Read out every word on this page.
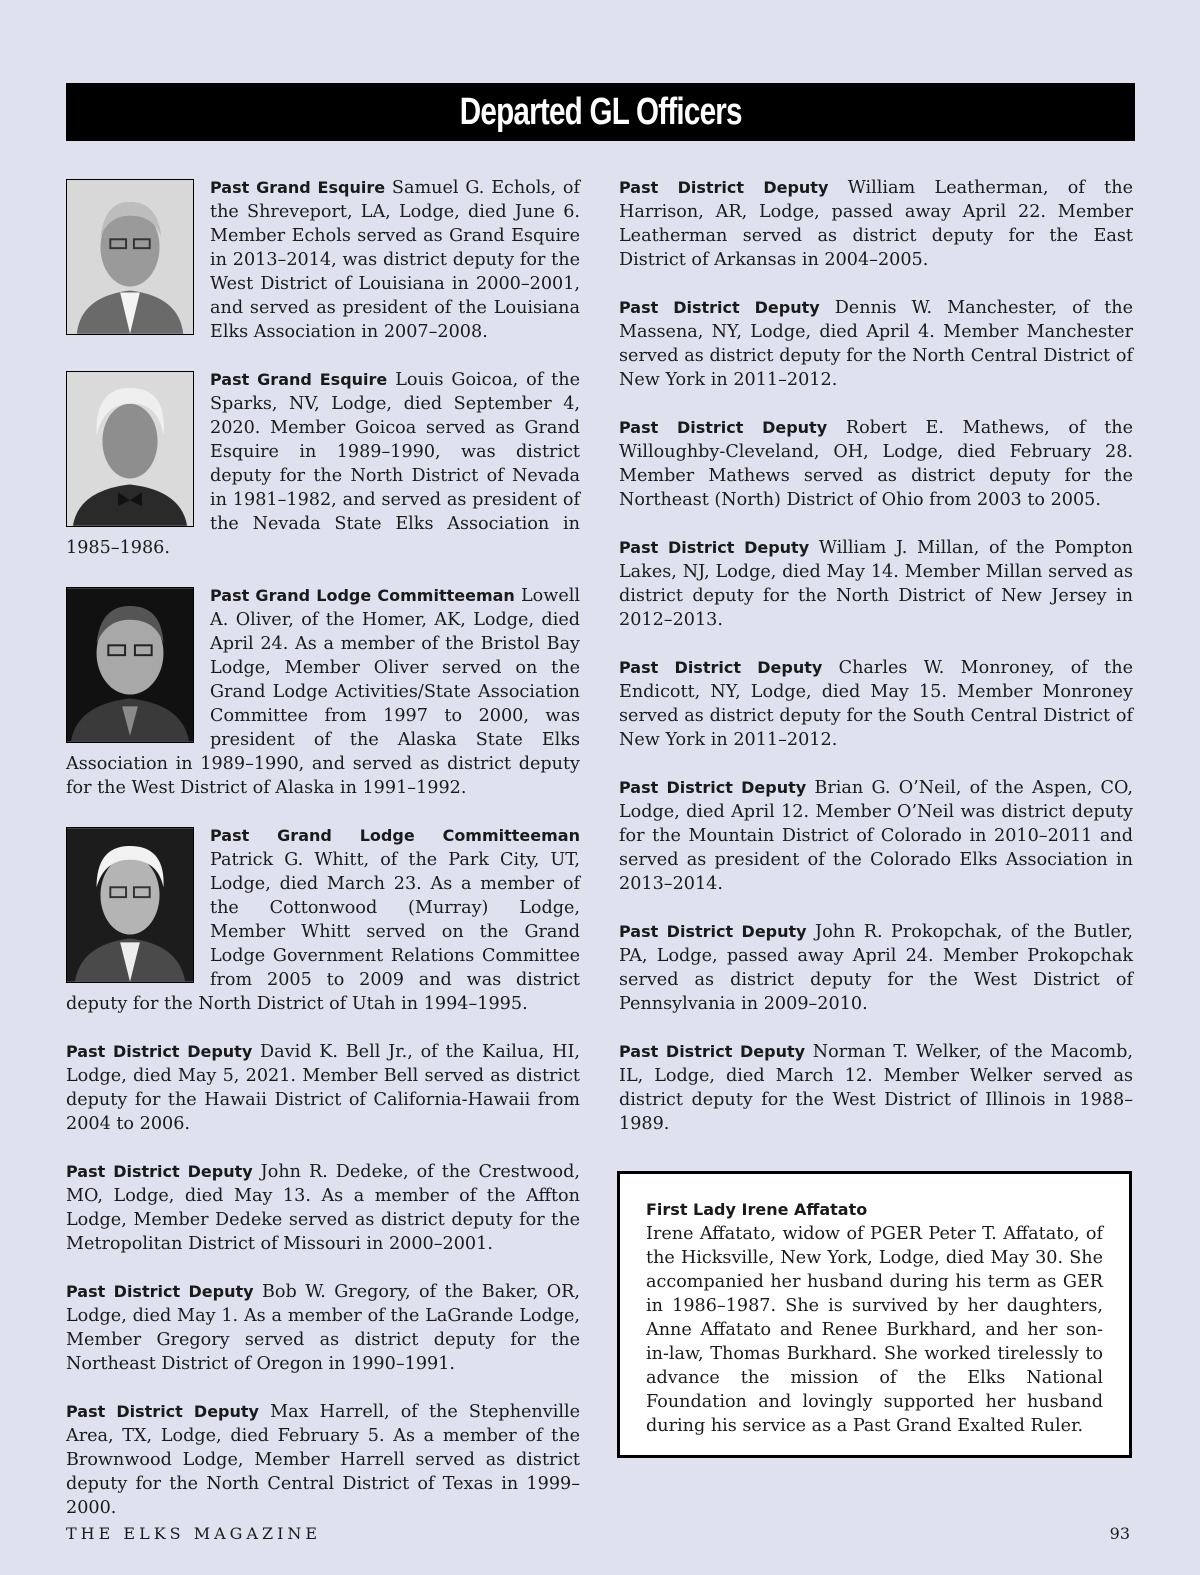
Departed GL Officers
Past Grand Esquire Samuel G. Echols, of the Shreveport, LA, Lodge, died June 6. Member Echols served as Grand Esquire in 2013–2014, was district deputy for the West District of Louisiana in 2000–2001, and served as president of the Louisiana Elks Association in 2007–2008.
Past Grand Esquire Louis Goicoa, of the Sparks, NV, Lodge, died September 4, 2020. Member Goicoa served as Grand Esquire in 1989–1990, was district deputy for the North District of Nevada in 1981–1982, and served as president of the Nevada State Elks Association in 1985–1986.
Past Grand Lodge Committeeman Lowell A. Oliver, of the Homer, AK, Lodge, died April 24. As a member of the Bristol Bay Lodge, Member Oliver served on the Grand Lodge Activities/State Association Committee from 1997 to 2000, was president of the Alaska State Elks Association in 1989–1990, and served as district deputy for the West District of Alaska in 1991–1992.
Past Grand Lodge Committeeman Patrick G. Whitt, of the Park City, UT, Lodge, died March 23. As a member of the Cottonwood (Murray) Lodge, Member Whitt served on the Grand Lodge Government Relations Committee from 2005 to 2009 and was district deputy for the North District of Utah in 1994–1995.
Past District Deputy David K. Bell Jr., of the Kailua, HI, Lodge, died May 5, 2021. Member Bell served as district deputy for the Hawaii District of California-Hawaii from 2004 to 2006.
Past District Deputy John R. Dedeke, of the Crestwood, MO, Lodge, died May 13. As a member of the Affton Lodge, Member Dedeke served as district deputy for the Metropolitan District of Missouri in 2000–2001.
Past District Deputy Bob W. Gregory, of the Baker, OR, Lodge, died May 1. As a member of the LaGrande Lodge, Member Gregory served as district deputy for the Northeast District of Oregon in 1990–1991.
Past District Deputy Max Harrell, of the Stephenville Area, TX, Lodge, died February 5. As a member of the Brownwood Lodge, Member Harrell served as district deputy for the North Central District of Texas in 1999–2000.
Past District Deputy William Leatherman, of the Harrison, AR, Lodge, passed away April 22. Member Leatherman served as district deputy for the East District of Arkansas in 2004–2005.
Past District Deputy Dennis W. Manchester, of the Massena, NY, Lodge, died April 4. Member Manchester served as district deputy for the North Central District of New York in 2011–2012.
Past District Deputy Robert E. Mathews, of the Willoughby-Cleveland, OH, Lodge, died February 28. Member Mathews served as district deputy for the Northeast (North) District of Ohio from 2003 to 2005.
Past District Deputy William J. Millan, of the Pompton Lakes, NJ, Lodge, died May 14. Member Millan served as district deputy for the North District of New Jersey in 2012–2013.
Past District Deputy Charles W. Monroney, of the Endicott, NY, Lodge, died May 15. Member Monroney served as district deputy for the South Central District of New York in 2011–2012.
Past District Deputy Brian G. O’Neil, of the Aspen, CO, Lodge, died April 12. Member O’Neil was district deputy for the Mountain District of Colorado in 2010–2011 and served as president of the Colorado Elks Association in 2013–2014.
Past District Deputy John R. Prokopchak, of the Butler, PA, Lodge, passed away April 24. Member Prokopchak served as district deputy for the West District of Pennsylvania in 2009–2010.
Past District Deputy Norman T. Welker, of the Macomb, IL, Lodge, died March 12. Member Welker served as district deputy for the West District of Illinois in 1988–1989.
First Lady Irene Affatato

Irene Affatato, widow of PGER Peter T. Affatato, of the Hicksville, New York, Lodge, died May 30. She accompanied her husband during his term as GER in 1986–1987. She is survived by her daughters, Anne Affatato and Renee Burkhard, and her son-in-law, Thomas Burkhard. She worked tirelessly to advance the mission of the Elks National Foundation and lovingly supported her husband during his service as a Past Grand Exalted Ruler.

THE ELKS MAGAZINE	93
